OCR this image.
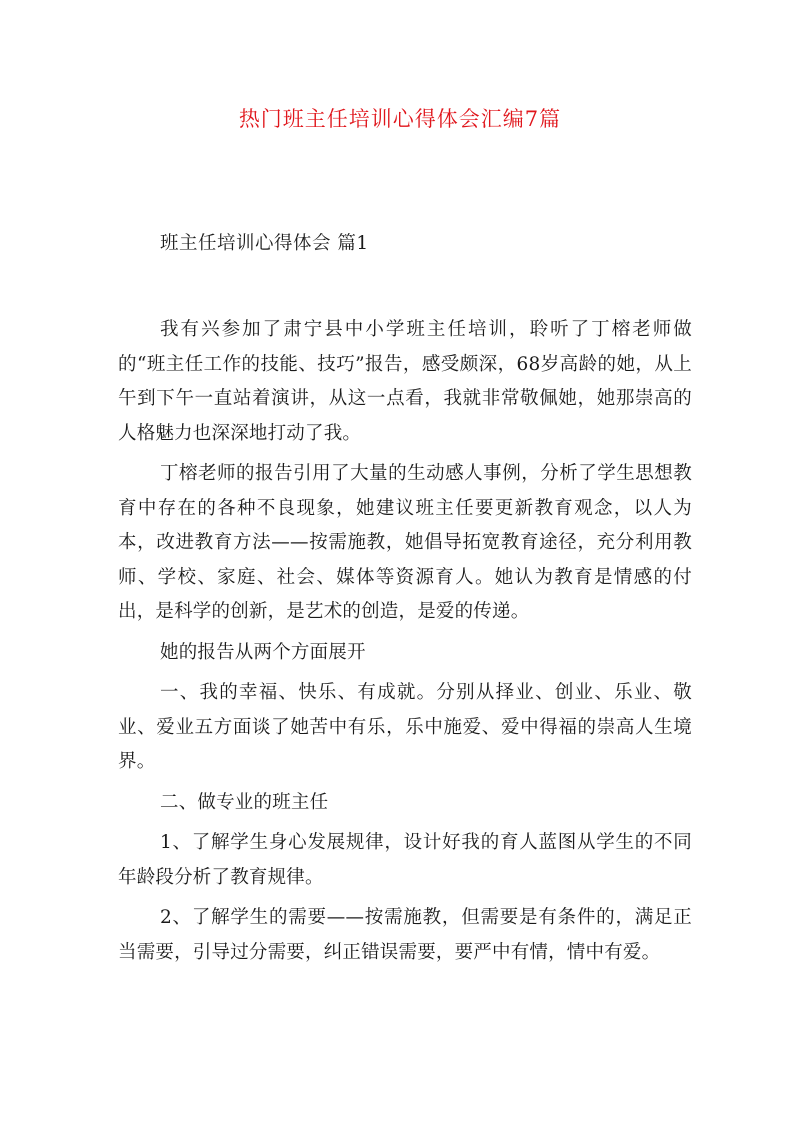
热门班主任培训心得体会汇编7篇
班主任培训心得体会 篇1

我有兴参加了肃宁县中小学班主任培训，聆听了丁榕老师做的“班主任工作的技能、技巧”报告，感受颇深，68岁高龄的她，从上午到下午一直站着演讲，从这一点看，我就非常敬佩她，她那崇高的人格魅力也深深地打动了我。

丁榕老师的报告引用了大量的生动感人事例，分析了学生思想教育中存在的各种不良现象，她建议班主任要更新教育观念，以人为本，改进教育方法——按需施教，她倡导拓宽教育途径，充分利用教师、学校、家庭、社会、媒体等资源育人。她认为教育是情感的付出，是科学的创新，是艺术的创造，是爱的传递。

她的报告从两个方面展开

一、我的幸福、快乐、有成就。分别从择业、创业、乐业、敬业、爱业五方面谈了她苦中有乐，乐中施爱、爱中得福的崇高人生境界。

二、做专业的班主任

1、了解学生身心发展规律，设计好我的育人蓝图从学生的不同年龄段分析了教育规律。

2、了解学生的需要——按需施教，但需要是有条件的，满足正当需要，引导过分需要，纠正错误需要，要严中有情，情中有爱。
